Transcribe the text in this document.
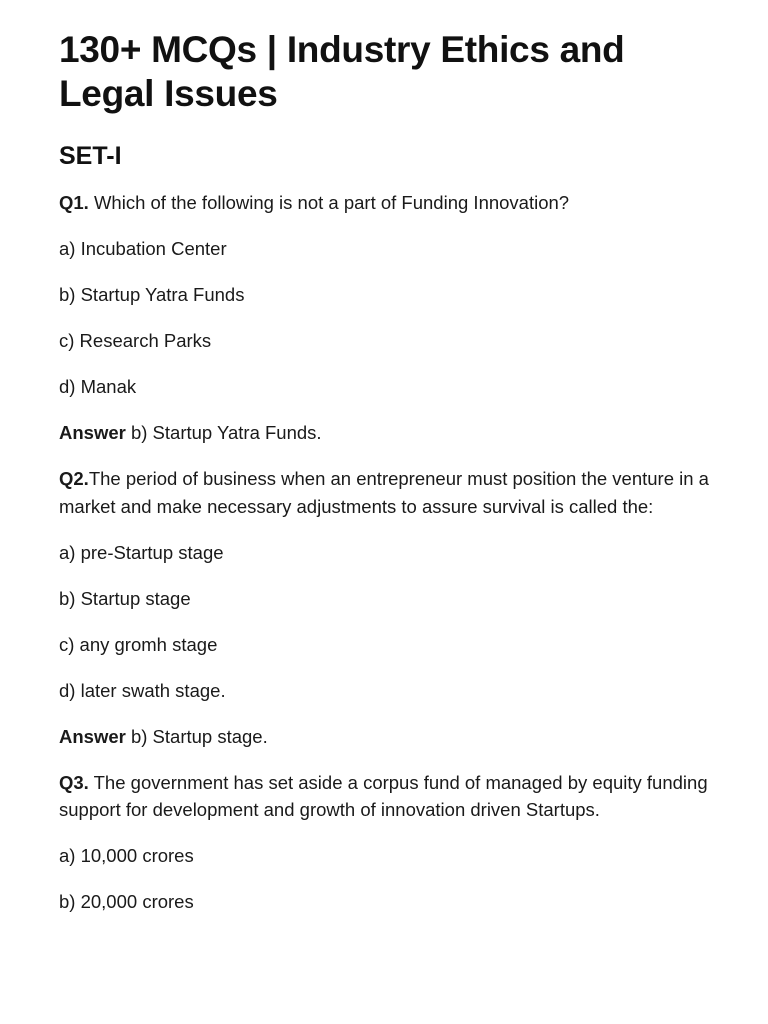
130+ MCQs | Industry Ethics and Legal Issues
SET-I

Q1. Which of the following is not a part of Funding Innovation?

a) Incubation Center

b) Startup Yatra Funds

c) Research Parks

d) Manak

Answer b) Startup Yatra Funds.

Q2.The period of business when an entrepreneur must position the venture in a market and make necessary adjustments to assure survival is called the:

a) pre-Startup stage

b) Startup stage

c) any gromh stage

d) later swath stage.

Answer b) Startup stage.

Q3. The government has set aside a corpus fund of managed by equity funding support for development and growth of innovation driven Startups.

a) 10,000 crores

b) 20,000 crores
